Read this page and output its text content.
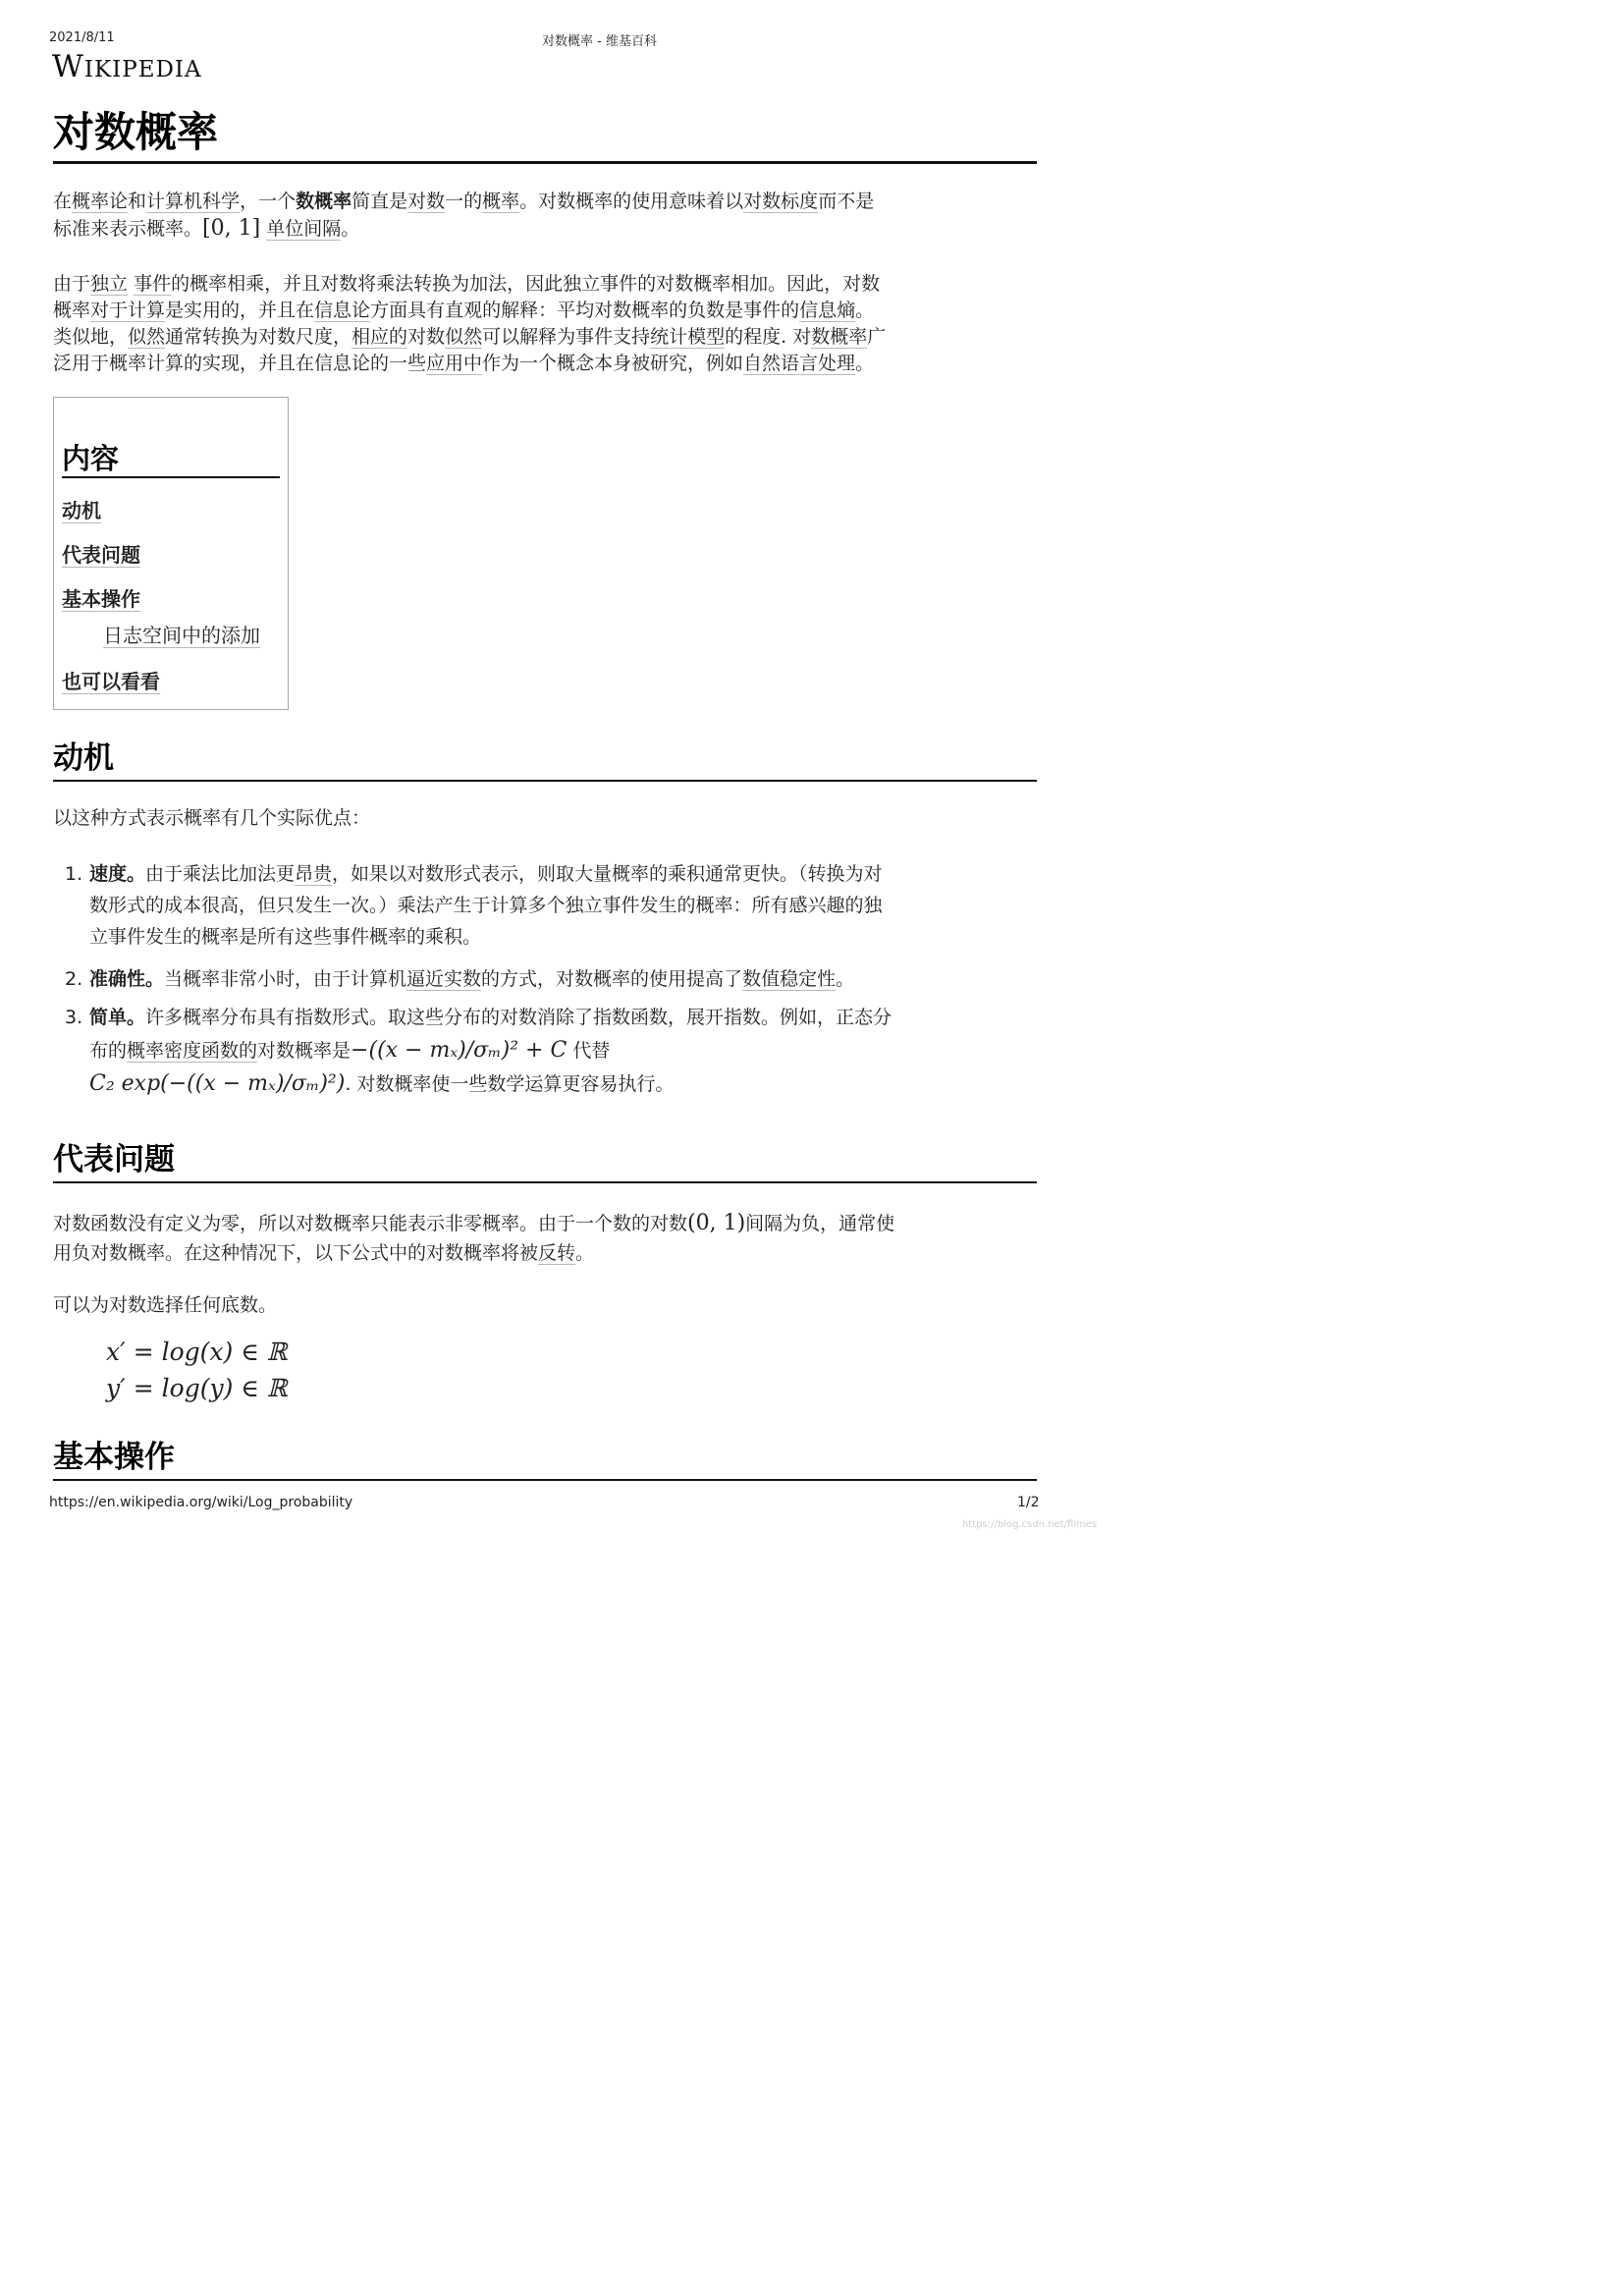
2021/8/11	对数概率 - 维基百科
WIKIPEDIA
对数概率
在概率论和计算机科学，一个数概率简直是对数一的概率。对数概率的使用意味着以对数标度而不是
标准来表示概率。[0, 1] 单位间隔。
由于独立 事件的概率相乘，并且对数将乘法转换为加法，因此独立事件的对数概率相加。因此，对数
概率对于计算是实用的，并且在信息论方面具有直观的解释：平均对数概率的负数是事件的信息熵。
类似地，似然通常转换为对数尺度，相应的对数似然可以解释为事件支持统计模型的程度. 对数概率广
泛用于概率计算的实现，并且在信息论的一些应用中作为一个概念本身被研究，例如自然语言处理。
内容
动机
代表问题
基本操作
日志空间中的添加
也可以看看
动机
以这种方式表示概率有几个实际优点：
1. 速度。由于乘法比加法更昂贵，如果以对数形式表示，则取大量概率的乘积通常更快。（转换为对
数形式的成本很高，但只发生一次。）乘法产生于计算多个独立事件发生的概率：所有感兴趣的独
立事件发生的概率是所有这些事件概率的乘积。
2. 准确性。当概率非常小时，由于计算机逼近实数的方式，对数概率的使用提高了数值稳定性。
3. 简单。许多概率分布具有指数形式。取这些分布的对数消除了指数函数，展开指数。例如，正态分
布的概率密度函数的对数概率是−((x − mₓ)/σₘ)² + C 代替
C₂ exp(−((x − mₓ)/σₘ)²). 对数概率使一些数学运算更容易执行。
代表问题
对数函数没有定义为零，所以对数概率只能表示非零概率。由于一个数的对数(0, 1)间隔为负，通常使
用负对数概率。在这种情况下，以下公式中的对数概率将被反转。
可以为对数选择任何底数。
x′ = log(x) ∈ ℝ
y′ = log(y) ∈ ℝ
基本操作
https://en.wikipedia.org/wiki/Log_probability	1/2
https://blog.csdn.net/flimes
